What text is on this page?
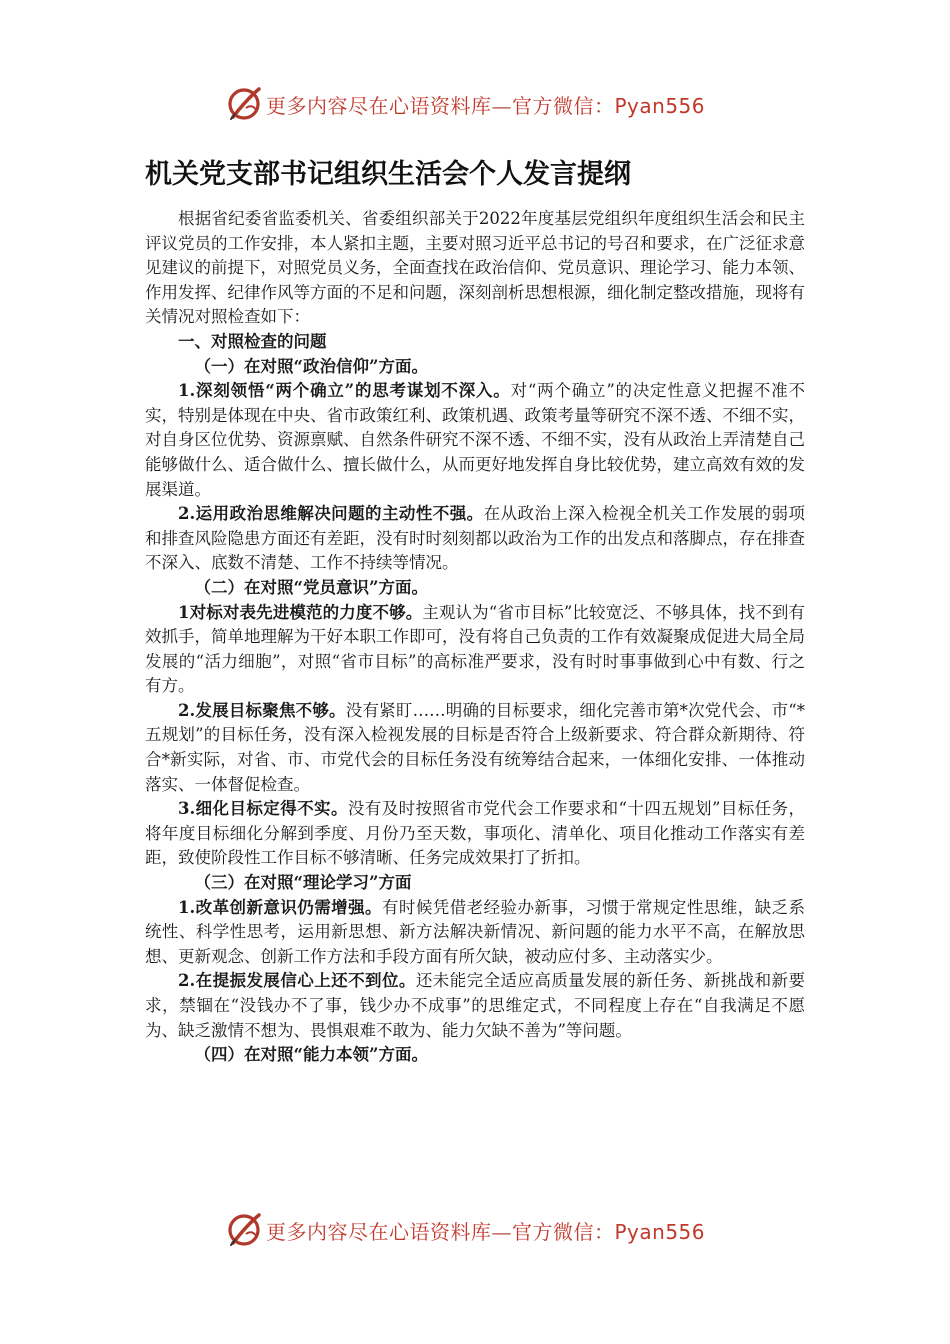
更多内容尽在心语资料库—官方微信：Pyan556
机关党支部书记组织生活会个人发言提纲

根据省纪委省监委机关、省委组织部关于2022年度基层党组织年度组织生活会和民主评议党员的工作安排，本人紧扣主题，主要对照习近平总书记的号召和要求，在广泛征求意见建议的前提下，对照党员义务，全面查找在政治信仰、党员意识、理论学习、能力本领、作用发挥、纪律作风等方面的不足和问题，深刻剖析思想根源，细化制定整改措施，现将有关情况对照检查如下：

一、对照检查的问题

（一）在对照“政治信仰”方面。

1.深刻领悟“两个确立”的思考谋划不深入。对“两个确立”的决定性意义把握不准不实，特别是体现在中央、省市政策红利、政策机遇、政策考量等研究不深不透、不细不实，对自身区位优势、资源禀赋、自然条件研究不深不透、不细不实，没有从政治上弄清楚自己能够做什么、适合做什么、擅长做什么，从而更好地发挥自身比较优势，建立高效有效的发展渠道。

2.运用政治思维解决问题的主动性不强。在从政治上深入检视全机关工作发展的弱项和排查风险隐患方面还有差距，没有时时刻刻都以政治为工作的出发点和落脚点，存在排查不深入、底数不清楚、工作不持续等情况。

（二）在对照“党员意识”方面。

1对标对表先进模范的力度不够。主观认为“省市目标”比较宽泛、不够具体，找不到有效抓手，简单地理解为干好本职工作即可，没有将自己负责的工作有效凝聚成促进大局全局发展的“活力细胞”，对照“省市目标”的高标准严要求，没有时时事事做到心中有数、行之有方。

2.发展目标聚焦不够。没有紧盯……明确的目标要求，细化完善市第*次党代会、市“*五规划”的目标任务，没有深入检视发展的目标是否符合上级新要求、符合群众新期待、符合*新实际，对省、市、市党代会的目标任务没有统筹结合起来，一体细化安排、一体推动落实、一体督促检查。

3.细化目标定得不实。没有及时按照省市党代会工作要求和“十四五规划”目标任务，将年度目标细化分解到季度、月份乃至天数，事项化、清单化、项目化推动工作落实有差距，致使阶段性工作目标不够清晰、任务完成效果打了折扣。

（三）在对照“理论学习”方面

1.改革创新意识仍需增强。有时候凭借老经验办新事，习惯于常规定性思维，缺乏系统性、科学性思考，运用新思想、新方法解决新情况、新问题的能力水平不高，在解放思想、更新观念、创新工作方法和手段方面有所欠缺，被动应付多、主动落实少。

2.在提振发展信心上还不到位。还未能完全适应高质量发展的新任务、新挑战和新要求，禁锢在“没钱办不了事，钱少办不成事”的思维定式，不同程度上存在“自我满足不愿为、缺乏激情不想为、畏惧艰难不敢为、能力欠缺不善为”等问题。

（四）在对照“能力本领”方面。

更多内容尽在心语资料库—官方微信：Pyan556
